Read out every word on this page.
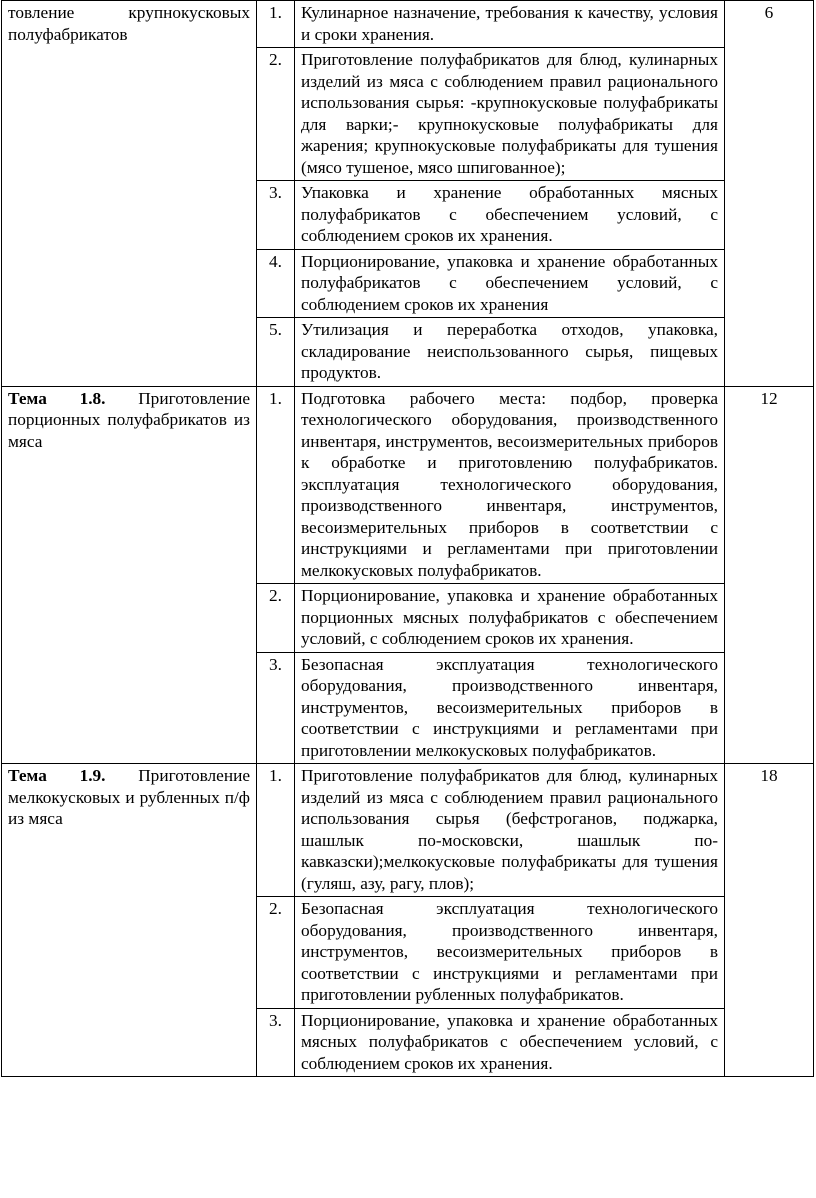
товление крупнокусковых полуфабрикатов	1.	Кулинарное назначение, требования к качеству, условия и сроки хранения.	6
	2.	Приготовление полуфабрикатов для блюд, кулинарных изделий из мяса с соблюдением правил рационального использования сырья: -крупнокусковые полуфабрикаты для варки;- крупнокусковые полуфабрикаты для жарения; крупнокусковые полуфабрикаты для тушения (мясо тушеное, мясо шпигованное);	
	3.	Упаковка и хранение обработанных мясных полуфабрикатов с обеспечением условий, с соблюдением сроков их хранения.	
	4.	Порционирование, упаковка и хранение обработанных полуфабрикатов с обеспечением условий, с соблюдением сроков их хранения	
	5.	Утилизация и переработка отходов, упаковка, складирование неиспользованного сырья, пищевых продуктов.	

Тема 1.8. Приготовление порционных полуфабрикатов из мяса	1.	Подготовка рабочего места: подбор, проверка технологического оборудования, производственного инвентаря, инструментов, весоизмерительных приборов к обработке и приготовлению полуфабрикатов. эксплуатация технологического оборудования, производственного инвентаря, инструментов, весоизмерительных приборов в соответствии с инструкциями и регламентами при приготовлении мелкокусковых полуфабрикатов.	12
	2.	Порционирование, упаковка и хранение обработанных порционных мясных полуфабрикатов с обеспечением условий, с соблюдением сроков их хранения.	
	3.	Безопасная эксплуатация технологического оборудования, производственного инвентаря, инструментов, весоизмерительных приборов в соответствии с инструкциями и регламентами при приготовлении мелкокусковых полуфабрикатов.	

Тема 1.9. Приготовление мелкокусковых и рубленных п/ф из мяса	1.	Приготовление полуфабрикатов для блюд, кулинарных изделий из мяса с соблюдением правил рационального использования сырья (бефстроганов, поджарка, шашлык по-московски, шашлык по-кавказски);мелкокусковые полуфабрикаты для тушения (гуляш, азу, рагу, плов);	18
	2.	Безопасная эксплуатация технологического оборудования, производственного инвентаря, инструментов, весоизмерительных приборов в соответствии с инструкциями и регламентами при приготовлении рубленных полуфабрикатов.	
	3.	Порционирование, упаковка и хранение обработанных мясных полуфабрикатов с обеспечением условий, с соблюдением сроков их хранения.	
